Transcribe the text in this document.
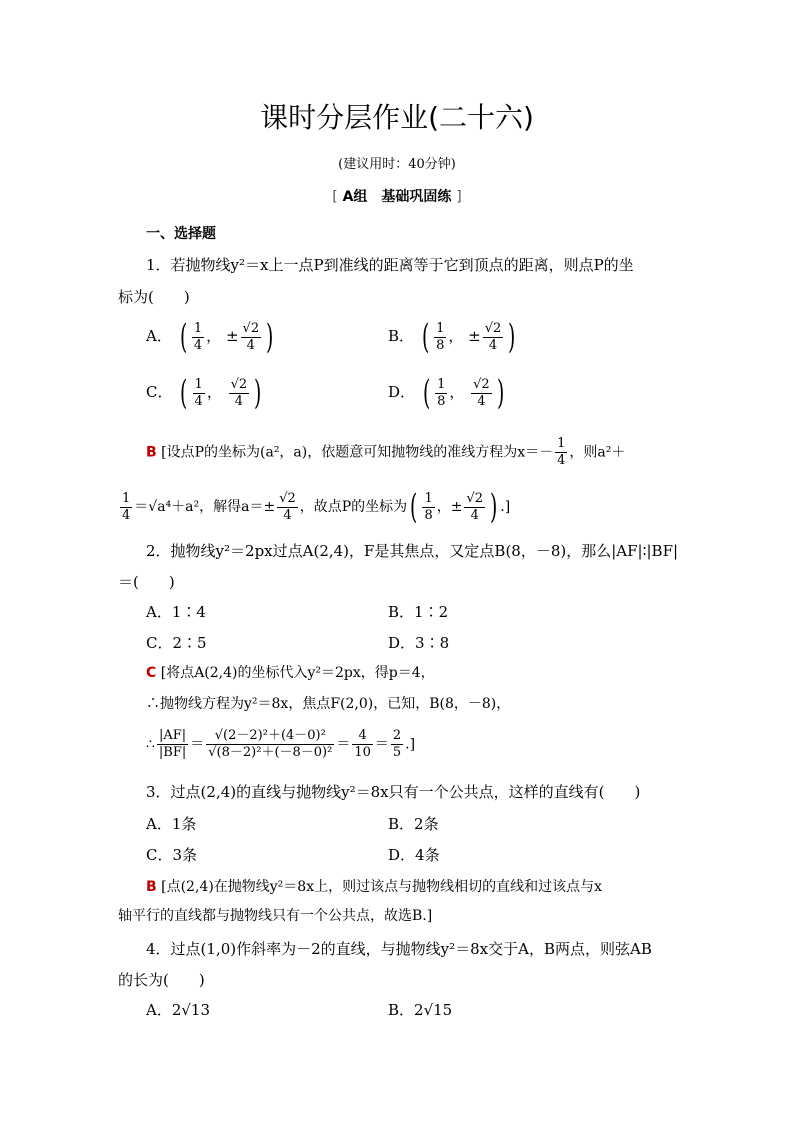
课时分层作业(二十六)
(建议用时：40分钟)
[ A组　基础巩固练 ]
一、选择题
1．若抛物线y²＝x上一点P到准线的距离等于它到顶点的距离，则点P的坐
标为(　　)
A． ( $\frac{1}{4}$ ， ± $\frac{√2}{4}$ )	B． ( $\frac{1}{8}$ ， ± $\frac{√2}{4}$ )
C． ( $\frac{1}{4}$ ， $\frac{√2}{4}$ )	D． ( $\frac{1}{8}$ ， $\frac{√2}{4}$ )
B [设点P的坐标为(a²，a)，依题意可知抛物线的准线方程为$x=- \frac{1}{4}$ ，则a²＋
$\frac{1}{4} =√a^4+a^2$，解得$a=\pm \frac{√2}{4}$ ，故点P的坐标为( $\frac{1}{8}$ ，± $\frac{√2}{4}$ ) .]
2．抛物线y²＝2px过点A(2,4)，F是其焦点，又定点B(8，－8)，那么|AF|∶|BF|
＝(　　)
A．1∶4	B．1∶2
C．2∶5	D．3∶8
C [将点A(2,4)的坐标代入y²＝2px，得p＝4，
∴抛物线方程为y²＝8x，焦点F(2,0)，已知，B(8，－8)，
∴ $\frac{|AF|}{|BF|} = \frac{\text{√(2－2)²＋(4－0)²}}{\text{√(8－2)²＋(－8－0)²}} = \frac{4}{10} = \frac{2}{5}$ .]
3．过点(2,4)的直线与抛物线y²＝8x只有一个公共点，这样的直线有(　　)
A．1条	B．2条
C．3条	D．4条
B [点(2,4)在抛物线y²＝8x上，则过该点与抛物线相切的直线和过该点与x
轴平行的直线都与抛物线只有一个公共点，故选B.]
4．过点(1,0)作斜率为－2的直线，与抛物线y²＝8x交于A，B两点，则弦AB
的长为(　　)
A．2√13	B．2√15
